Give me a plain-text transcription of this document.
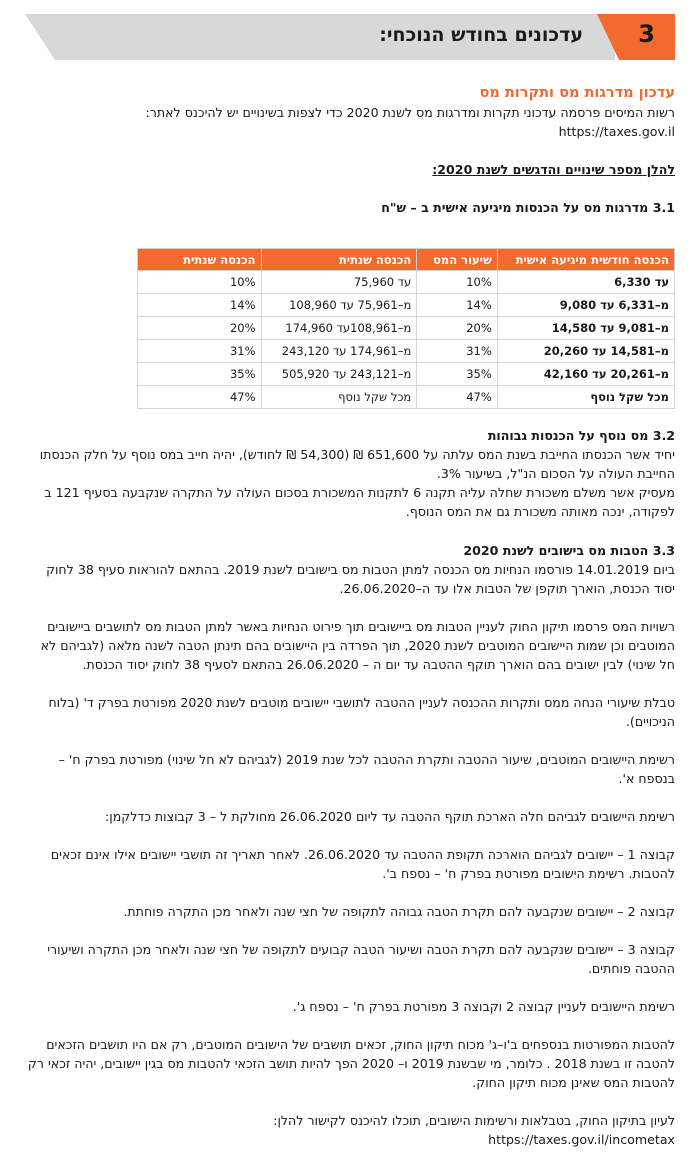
3
עדכונים בחודש הנוכחי:
עדכון מדרגות מס ותקרות מס

רשות המיסים פרסמה עדכוני תקרות ומדרגות מס לשנת 2020 כדי לצפות בשינויים יש להיכנס לאתר:

https://taxes.gov.il

להלן מספר שינויים והדגשים לשנת 2020:

3.1 מדרגות מס על הכנסות מיגיעה אישית ב – ש"ח

הכנסה חודשית מיגיעה אישית	שיעור המס	הכנסה שנתית	הכנסה שנתית
עד 6,330	10%	עד 75,960	10%
מ–6,331 עד 9,080	14%	מ–75,961 עד 108,960	14%
מ–9,081 עד 14,580	20%	מ–108,961עד 174,960	20%
מ–14,581 עד 20,260	31%	מ–174,961 עד 243,120	31%
מ–20,261 עד 42,160	35%	מ–243,121 עד 505,920	35%
מכל שקל נוסף	47%	מכל שקל נוסף	47%

3.2 מס נוסף על הכנסות גבוהות

יחיד אשר הכנסתו החייבת בשנת המס עלתה על 651,600 ₪ (54,300 ₪ לחודש), יהיה חייב במס נוסף על חלק הכנסתו החייבת העולה על הסכום הנ"ל, בשיעור 3%.

מעסיק אשר משלם משכורת שחלה עליה תקנה 6 לתקנות המשכורת בסכום העולה על התקרה שנקבעה בסעיף 121 ב לפקודה, ינכה מאותה משכורת גם את המס הנוסף.

3.3 הטבות מס בישובים לשנת 2020

ביום 14.01.2019 פורסמו הנחיות מס הכנסה למתן הטבות מס בישובים לשנת 2019. בהתאם להוראות סעיף 38 לחוק יסוד הכנסת, הוארך תוקפן של הטבות אלו עד ה–26.06.2020.

רשויות המס פרסמו תיקון החוק לעניין הטבות מס ביישובים תוך פירוט הנחיות באשר למתן הטבות מס לתושבים ביישובים המוטבים וכן שמות היישובים המוטבים לשנת 2020, תוך הפרדה בין היישובים בהם תינתן הטבה לשנה מלאה (לגביהם לא חל שינוי) לבין ישובים בהם הוארך תוקף ההטבה עד יום ה – 26.06.2020 בהתאם לסעיף 38 לחוק יסוד הכנסת.

טבלת שיעורי הנחה ממס ותקרות ההכנסה לעניין ההטבה לתושבי יישובים מוטבים לשנת 2020 מפורטת בפרק ד' (בלוח הניכויים).

רשימת היישובים המוטבים, שיעור ההטבה ותקרת ההטבה לכל שנת 2019 (לגביהם לא חל שינוי) מפורטת בפרק ח' – בנספח א'.

רשימת היישובים לגביהם חלה הארכת תוקף ההטבה עד ליום 26.06.2020 מחולקת ל – 3 קבוצות כדלקמן:

קבוצה 1 – יישובים לגביהם הוארכה תקופת ההטבה עד 26.06.2020. לאחר תאריך זה תושבי יישובים אילו אינם זכאים להטבות. רשימת הישובים מפורטת בפרק ח' – נספח ב'.

קבוצה 2 – יישובים שנקבעה להם תקרת הטבה גבוהה לתקופה של חצי שנה ולאחר מכן התקרה פוחתת.

קבוצה 3 – יישובים שנקבעה להם תקרת הטבה ושיעור הטבה קבועים לתקופה של חצי שנה ולאחר מכן התקרה ושיעורי ההטבה פוחתים.

רשימת היישובים לעניין קבוצה 2 וקבוצה 3 מפורטת בפרק ח' – נספח ג'.

להטבות המפורטות בנספחים ב'ו–ג' מכוח תיקון החוק, זכאים תושבים של הישובים המוטבים, רק אם היו תושבים הזכאים להטבה זו בשנת 2018 . כלומר, מי שבשנת 2019 ו– 2020 הפך להיות תושב הזכאי להטבות מס בגין יישובים, יהיה זכאי רק להטבות המס שאינן מכוח תיקון החוק.

לעיון בתיקון החוק, בטבלאות ורשימות הישובים, תוכלו להיכנס לקישור להלן:

https://taxes.gov.il/incometax
